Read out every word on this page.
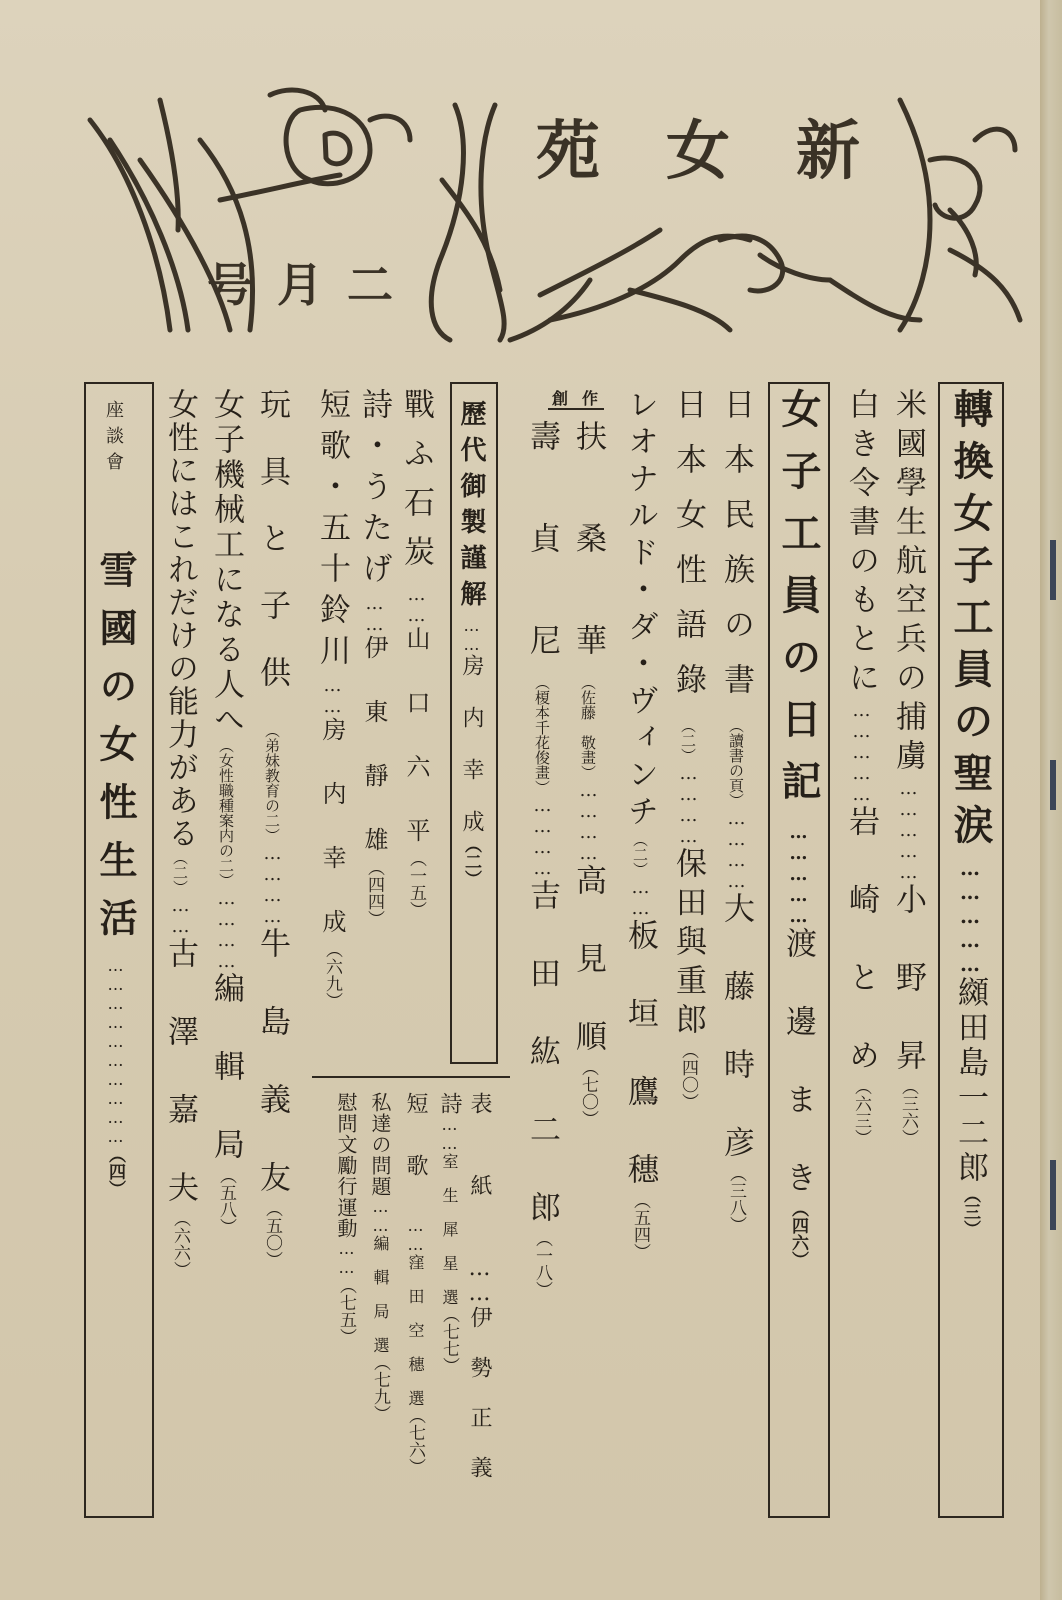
新
女
苑
二
月
号
轉換女子工員の聖涙……………纐田島一二郎（三）
米國學生航空兵の捕虜……………小　野　昇（三六）
白き令書のもとに……………岩　崎　と　め（六三）
女子工員の日記……………渡　邊　ま　き（四六）
日本民族の書（讀書の頁）…………大　藤　時　彦（三八）
日本女性語錄（二）…………保田與重郎（四〇）
レオナルド・ダ・ヴィンチ（二）……板　垣　鷹　穗（五四）
創作
扶　桑　華（佐藤　敬畫）…………高　見　順（七〇）
壽　貞　尼（榎本千花俊畫）…………吉　田　紘　二　郎（一八）
歷代御製謹解……房　内　幸　成（二）
表紙……伊　勢　正　義
詩……室　生　犀　星　選（七七）
短歌……窪　田　空　穗　選（七六）
私達の問題……編　輯　局　選（七九）
慰問文勵行運動……（七五）
戰ふ石炭……山　口　六　平（一五）
詩・うたげ……伊　東　靜　雄（四四）
短歌・五十鈴川……房　内　幸　成（六九）
玩具と子供（弟妹教育の二）…………牛　島　義　友（五〇）
女子機械工になる人へ（女性職種案内の二）…………編　輯　局（五八）
女性にはこれだけの能力がある（二）……古　澤　嘉　夫（六六）
座談會
雪國の女性生活…………………………（四）
